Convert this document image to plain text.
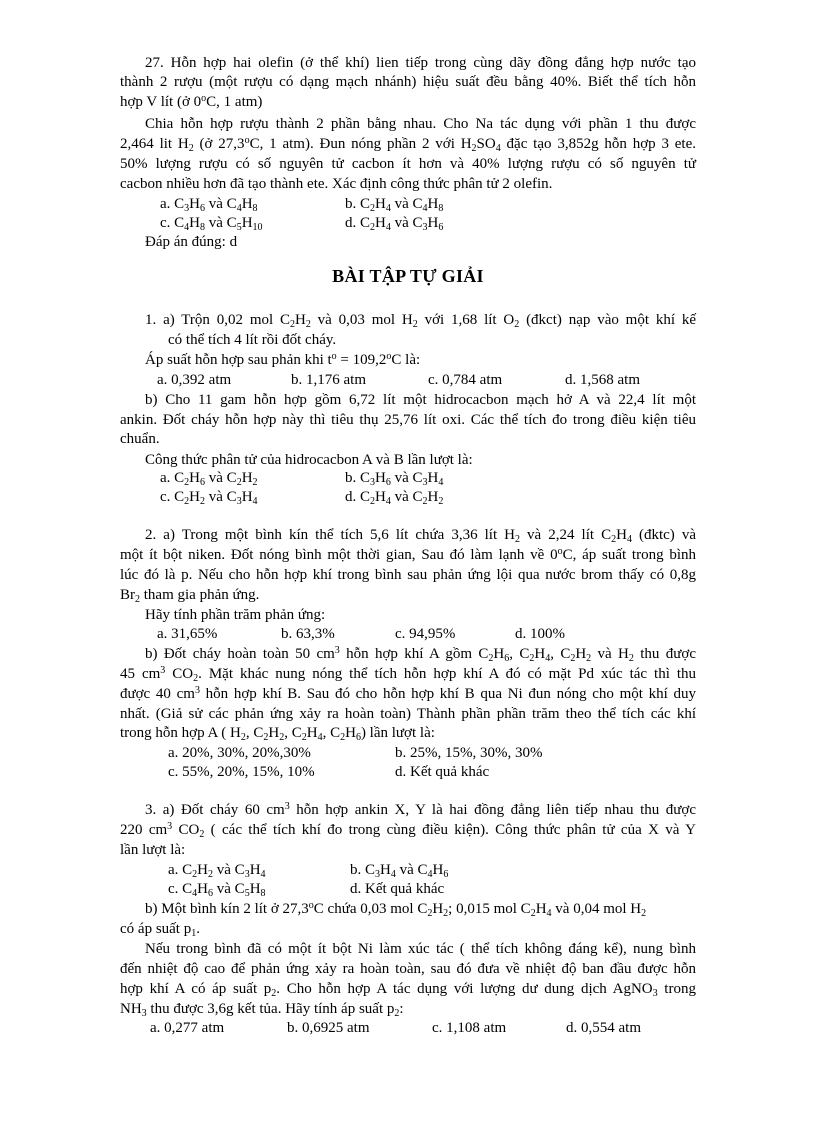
27. Hỗn hợp hai olefin (ở thể khí) lien tiếp trong cùng dãy đồng đẳng hợp nước tạo
thành 2 rượu (một rượu có dạng mạch nhánh) hiệu suất đều bằng 40%. Biết thể tích hỗn
hợp V lít (ở 0$^o$C, 1 atm)
Chia hỗn hợp rượu thành 2 phần bằng nhau. Cho Na tác dụng với phần 1 thu được
2,464 lit $H_2$ (ở 27,3$^o$C, 1 atm). Đun nóng phần 2 với $H_2SO_4$ đặc tạo 3,852g hỗn hợp 3 ete.
50% lượng rượu có số nguyên tử cacbon ít hơn và 40% lượng rượu có số nguyên tử
cacbon nhiều hơn đã tạo thành ete. Xác định công thức phân tử 2 olefin.
a. $C_3H_6$ và $C_4H_8$	b. $C_2H_4$ và $C_4H_8$
c. $C_4H_8$ và $C_5H_{10}$	d. $C_2H_4$ và $C_3H_6$
Đáp án đúng: d
BÀI TẬP TỰ GIẢI
1. a) Trộn 0,02 mol $C_2H_2$ và 0,03 mol $H_2$ với 1,68 lít $O_2$ (đkct) nạp vào một khí kế
có thể tích 4 lít rồi đốt cháy.
Áp suất hỗn hợp sau phản khi $t^o = 109,2^oC$ là:
a. 0,392 atm	b. 1,176 atm	c. 0,784 atm	d. 1,568 atm
b) Cho 11 gam hỗn hợp gồm 6,72 lít một hidrocacbon mạch hở A và 22,4 lít một
ankin. Đốt cháy hỗn hợp này thì tiêu thụ 25,76 lít oxi. Các thể tích đo trong điều kiện tiêu
chuẩn.
Công thức phân tử của hidrocacbon A và B lần lượt là:
a. $C_2H_6$ và $C_2H_2$	b. $C_3H_6$ và $C_3H_4$
c. $C_2H_2$ và $C_3H_4$	d. $C_2H_4$ và $C_2H_2$
2. a) Trong một bình kín thể tích 5,6 lít chứa 3,36 lít $H_2$ và 2,24 lít $C_2H_4$ (đktc) và
một ít bột niken. Đốt nóng bình một thời gian, Sau đó làm lạnh về 0$^o$C, áp suất trong bình
lúc đó là p. Nếu cho hỗn hợp khí trong bình sau phản ứng lội qua nước brom thấy có 0,8g
$Br_2$ tham gia phản ứng.
Hãy tính phần trăm phản ứng:
a. 31,65%	b. 63,3%	c. 94,95%	d. 100%
b) Đốt cháy hoàn toàn 50 $cm^3$ hỗn hợp khí A gồm $C_2H_6$, $C_2H_4$, $C_2H_2$ và $H_2$ thu được
45 $cm^3$ $CO_2$. Mặt khác nung nóng thể tích hỗn hợp khí A đó có mặt Pd xúc tác thì thu
được 40 $cm^3$ hỗn hợp khí B. Sau đó cho hỗn hợp khí B qua Ni đun nóng cho một khí duy
nhất. (Giả sử các phản ứng xảy ra hoàn toàn) Thành phần phần trăm theo thể tích các khí
trong hỗn hợp A ( $H_2$, $C_2H_2$, $C_2H_4$, $C_2H_6$) lần lượt là:
a. 20%, 30%, 20%,30%	b. 25%, 15%, 30%, 30%
c. 55%, 20%, 15%, 10%	d. Kết quả khác
3. a) Đốt cháy 60 $cm^3$ hỗn hợp ankin X, Y là hai đồng đẳng liên tiếp nhau thu được
220 $cm^3$ $CO_2$ ( các thể tích khí đo trong cùng điều kiện). Công thức phân tử của X và Y
lần lượt là:
a. $C_2H_2$ và $C_3H_4$	b. $C_3H_4$ và $C_4H_6$
c. $C_4H_6$ và $C_5H_8$	d. Kết quả khác
b) Một bình kín 2 lít ở 27,3$^o$C chứa 0,03 mol $C_2H_2$; 0,015 mol $C_2H_4$ và 0,04 mol $H_2$
có áp suất $p_1$.
Nếu trong bình đã có một ít bột Ni làm xúc tác ( thể tích không đáng kể), nung bình
đến nhiệt độ cao để phản ứng xảy ra hoàn toàn, sau đó đưa về nhiệt độ ban đầu được hỗn
hợp khí A có áp suất $p_2$. Cho hỗn hợp A tác dụng với lượng dư dung dịch AgNO$_3$ trong
$NH_3$ thu được 3,6g kết tủa. Hãy tính áp suất $p_2$:
a. 0,277 atm	b. 0,6925 atm	c. 1,108 atm	d. 0,554 atm
